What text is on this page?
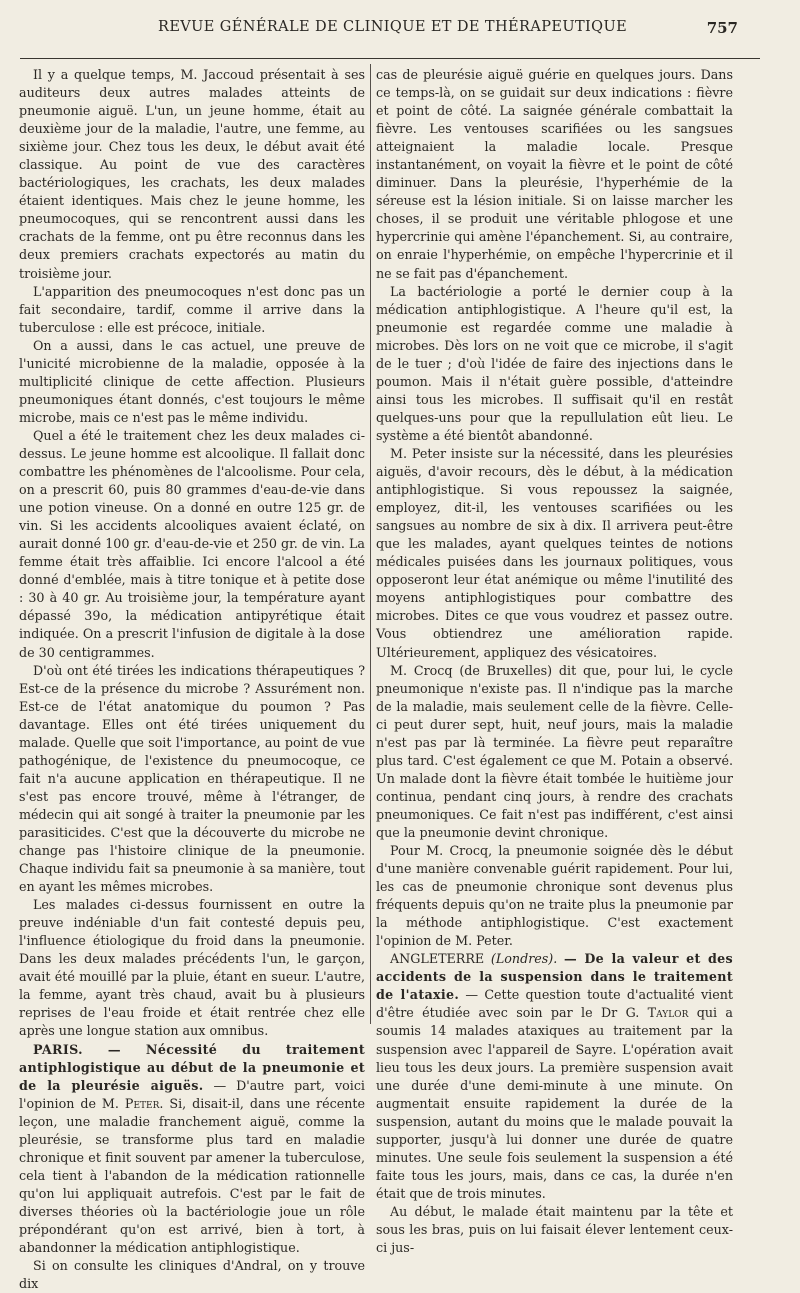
REVUE GÉNÉRALE DE CLINIQUE ET DE THÉRAPEUTIQUE	757

Il y a quelque temps, M. Jaccoud présentait à ses auditeurs deux autres malades atteints de pneumonie aiguë. L'un, un jeune homme, était au deuxième jour de la maladie, l'autre, une femme, au sixième jour. Chez tous les deux, le début avait été classique. Au point de vue des caractères bactériologiques, les crachats, les deux malades étaient identiques. Mais chez le jeune homme, les pneumocoques, qui se rencontrent aussi dans les crachats de la femme, ont pu être reconnus dans les deux premiers crachats expectorés au matin du troisième jour.

L'apparition des pneumocoques n'est donc pas un fait secondaire, tardif, comme il arrive dans la tuberculose : elle est précoce, initiale.

On a aussi, dans le cas actuel, une preuve de l'unicité microbienne de la maladie, opposée à la multiplicité clinique de cette affection. Plusieurs pneumoniques étant donnés, c'est toujours le même microbe, mais ce n'est pas le même individu.

Quel a été le traitement chez les deux malades ci-dessus. Le jeune homme est alcoolique. Il fallait donc combattre les phénomènes de l'alcoolisme. Pour cela, on a prescrit 60, puis 80 grammes d'eau-de-vie dans une potion vineuse. On a donné en outre 125 gr. de vin. Si les accidents alcooliques avaient éclaté, on aurait donné 100 gr. d'eau-de-vie et 250 gr. de vin. La femme était très affaiblie. Ici encore l'alcool a été donné d'emblée, mais à titre tonique et à petite dose : 30 à 40 gr. Au troisième jour, la température ayant dépassé 39o, la médication antipyrétique était indiquée. On a prescrit l'infusion de digitale à la dose de 30 centigrammes.

D'où ont été tirées les indications thérapeutiques ? Est-ce de la présence du microbe ? Assurément non. Est-ce de l'état anatomique du poumon ? Pas davantage. Elles ont été tirées uniquement du malade. Quelle que soit l'importance, au point de vue pathogénique, de l'existence du pneumocoque, ce fait n'a aucune application en thérapeutique. Il ne s'est pas encore trouvé, même à l'étranger, de médecin qui ait songé à traiter la pneumonie par les parasiticides. C'est que la découverte du microbe ne change pas l'histoire clinique de la pneumonie. Chaque individu fait sa pneumonie à sa manière, tout en ayant les mêmes microbes.

Les malades ci-dessus fournissent en outre la preuve indéniable d'un fait contesté depuis peu, l'influence étiologique du froid dans la pneumonie. Dans les deux malades précédents l'un, le garçon, avait été mouillé par la pluie, étant en sueur. L'autre, la femme, ayant très chaud, avait bu à plusieurs reprises de l'eau froide et était rentrée chez elle après une longue station aux omnibus.

PARIS. — Nécessité du traitement antiphlogistique au début de la pneumonie et de la pleurésie aiguës. — D'autre part, voici l'opinion de M. Peter. Si, disait-il, dans une récente leçon, une maladie franchement aiguë, comme la pleurésie, se transforme plus tard en maladie chronique et finit souvent par amener la tuberculose, cela tient à l'abandon de la médication rationnelle qu'on lui appliquait autrefois. C'est par le fait de diverses théories où la bactériologie joue un rôle prépondérant qu'on est arrivé, bien à tort, à abandonner la médication antiphlogistique.

Si on consulte les cliniques d'Andral, on y trouve dix

cas de pleurésie aiguë guérie en quelques jours. Dans ce temps-là, on se guidait sur deux indications : fièvre et point de côté. La saignée générale combattait la fièvre. Les ventouses scarifiées ou les sangsues atteignaient la maladie locale. Presque instantanément, on voyait la fièvre et le point de côté diminuer. Dans la pleurésie, l'hyperhémie de la séreuse est la lésion initiale. Si on laisse marcher les choses, il se produit une véritable phlogose et une hypercrinie qui amène l'épanchement. Si, au contraire, on enraie l'hyperhémie, on empêche l'hypercrinie et il ne se fait pas d'épanchement.

La bactériologie a porté le dernier coup à la médication antiphlogistique. A l'heure qu'il est, la pneumonie est regardée comme une maladie à microbes. Dès lors on ne voit que ce microbe, il s'agit de le tuer ; d'où l'idée de faire des injections dans le poumon. Mais il n'était guère possible, d'atteindre ainsi tous les microbes. Il suffisait qu'il en restât quelques-uns pour que la repullulation eût lieu. Le système a été bientôt abandonné.

M. Peter insiste sur la nécessité, dans les pleurésies aiguës, d'avoir recours, dès le début, à la médication antiphlogistique. Si vous repoussez la saignée, employez, dit-il, les ventouses scarifiées ou les sangsues au nombre de six à dix. Il arrivera peut-être que les malades, ayant quelques teintes de notions médicales puisées dans les journaux politiques, vous opposeront leur état anémique ou même l'inutilité des moyens antiphlogistiques pour combattre des microbes. Dites ce que vous voudrez et passez outre. Vous obtiendrez une amélioration rapide. Ultérieurement, appliquez des vésicatoires.

M. Crocq (de Bruxelles) dit que, pour lui, le cycle pneumonique n'existe pas. Il n'indique pas la marche de la maladie, mais seulement celle de la fièvre. Celle-ci peut durer sept, huit, neuf jours, mais la maladie n'est pas par là terminée. La fièvre peut reparaître plus tard. C'est également ce que M. Potain a observé. Un malade dont la fièvre était tombée le huitième jour continua, pendant cinq jours, à rendre des crachats pneumoniques. Ce fait n'est pas indifférent, c'est ainsi que la pneumonie devint chronique.

Pour M. Crocq, la pneumonie soignée dès le début d'une manière convenable guérit rapidement. Pour lui, les cas de pneumonie chronique sont devenus plus fréquents depuis qu'on ne traite plus la pneumonie par la méthode antiphlogistique. C'est exactement l'opinion de M. Peter.

ANGLETERRE (Londres). — De la valeur et des accidents de la suspension dans le traitement de l'ataxie. — Cette question toute d'actualité vient d'être étudiée avec soin par le Dr G. Taylor qui a soumis 14 malades ataxiques au traitement par la suspension avec l'appareil de Sayre. L'opération avait lieu tous les deux jours. La première suspension avait une durée d'une demi-minute à une minute. On augmentait ensuite rapidement la durée de la suspension, autant du moins que le malade pouvait la supporter, jusqu'à lui donner une durée de quatre minutes. Une seule fois seulement la suspension a été faite tous les jours, mais, dans ce cas, la durée n'en était que de trois minutes.

Au début, le malade était maintenu par la tête et sous les bras, puis on lui faisait élever lentement ceux-ci jus-
